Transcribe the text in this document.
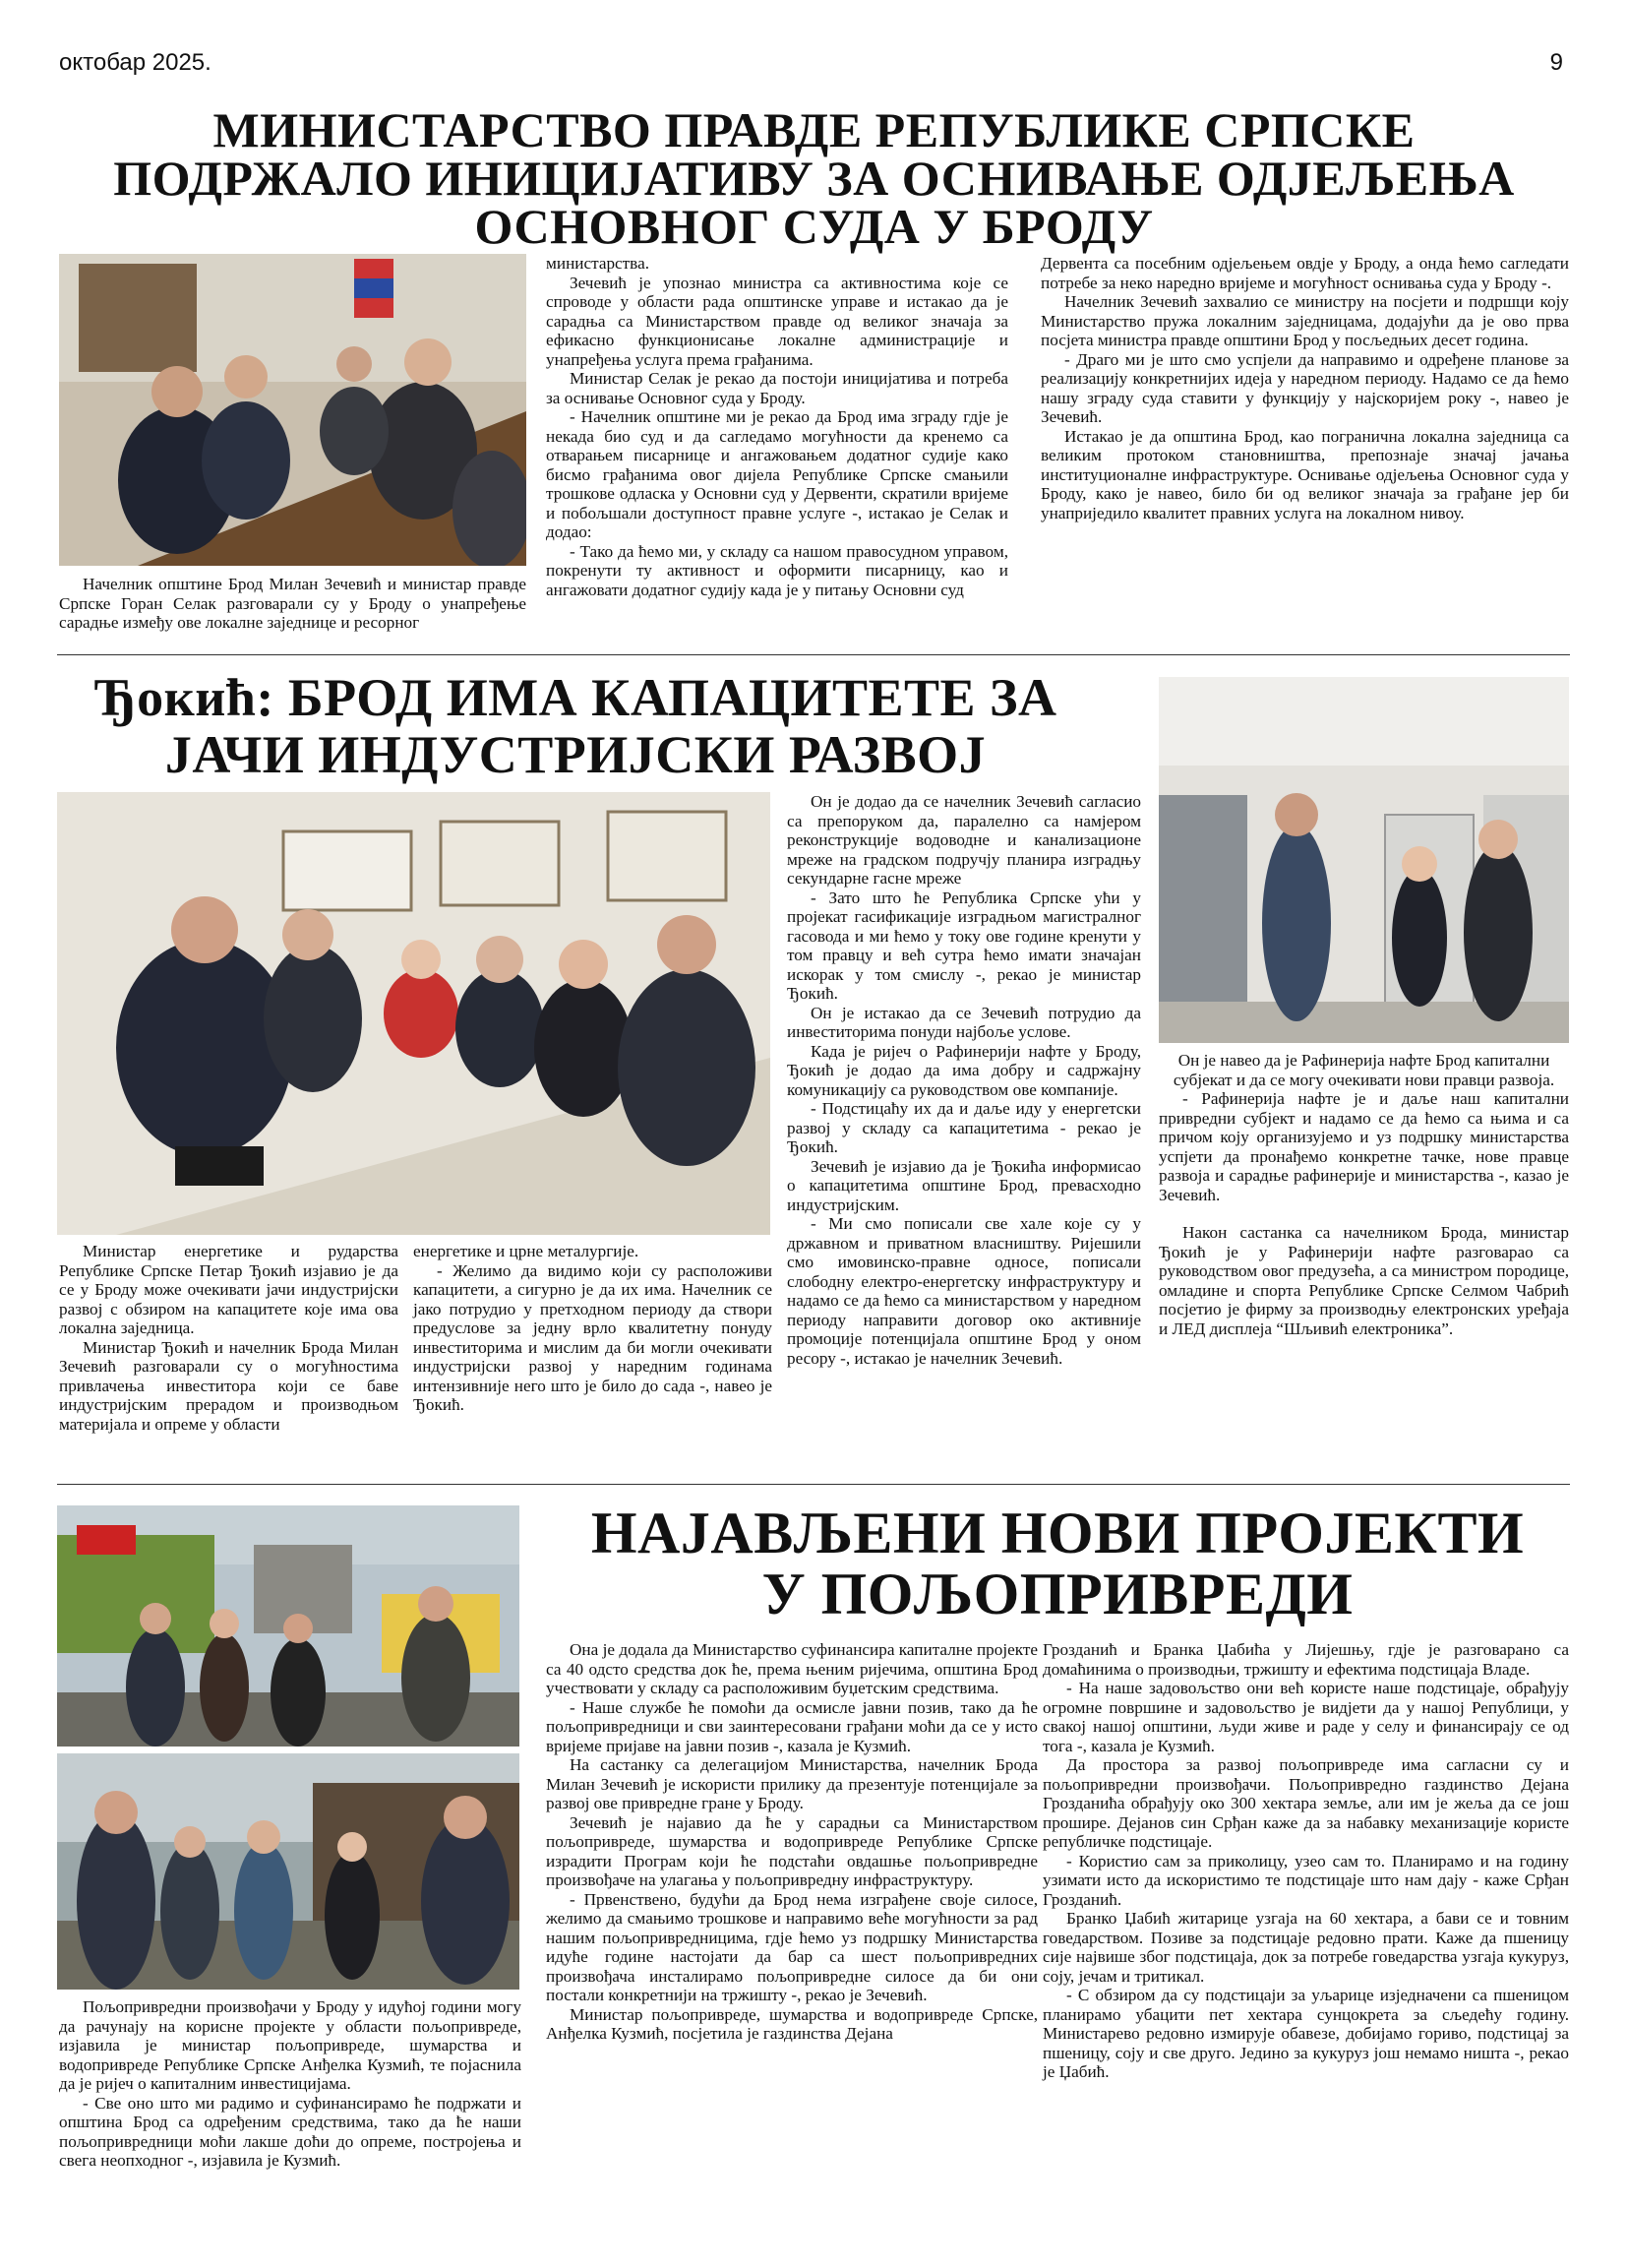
октобар 2025.	9
МИНИСТАРСТВО ПРАВДЕ РЕПУБЛИКЕ СРПСКЕ
ПОДРЖАЛО ИНИЦИЈАТИВУ ЗА ОСНИВАЊЕ ОДЈЕЉЕЊА
ОСНОВНОГ СУДА У БРОДУ

Начелник општине Брод Милан Зечевић и министар правде Српске Горан Селак разговарали су у Броду о унапређење сарадње између ове локалне заједнице и ресорног

министарства.

Зечевић је упознао министра са активностима које се спроводе у области рада општинске управе и истакао да је сарадња са Министарством правде од великог значаја за ефикасно функционисање локалне администрације и унапређења услуга према грађанима.

Министар Селак је рекао да постоји иницијатива и потреба за оснивање Основног суда у Броду.

- Начелник општине ми је рекао да Брод има зграду гдје је некада био суд и да сагледамо могућности да кренемо са отварањем писарнице и ангажовањем додатног судије како бисмо грађанима овог дијела Републике Српске смањили трошкове одласка у Основни суд у Дервенти, скратили вријеме и побољшали доступност правне услуге -, истакао је Селак и додао:

- Тако да ћемо ми, у складу са нашом правосудном управом, покренути ту активност и оформити писарницу, као и ангажовати додатног судију када је у питању Основни суд

Дервента са посебним одјељењем овдје у Броду, а онда ћемо сагледати потребе за неко наредно вријеме и могућност оснивања суда у Броду -.

Начелник Зечевић захвалио се министру на посјети и подршци коју Министарство пружа локалним заједницама, додајући да је ово прва посјета министра правде општини Брод у посљедњих десет година.

- Драго ми је што смо успјели да направимо и одређене планове за реализацију конкретнијих идеја у наредном периоду. Надамо се да ћемо нашу зграду суда ставити у функцију у најскоријем року -, навео је Зечевић.

Истакао је да општина Брод, као погранична локална заједница са великим протоком становништва, препознаје значај јачања институционалне инфраструктуре. Оснивање одјељења Основног суда у Броду, како је навео, било би од великог значаја за грађане јер би унаприједило квалитет правних услуга на локалном нивоу.

Ђокић: БРОД ИМА КАПАЦИТЕТЕ ЗА
ЈАЧИ ИНДУСТРИЈСКИ РАЗВОЈ

Министар енергетике и рударства Републике Српске Петар Ђокић изјавио је да се у Броду може очекивати јачи индустријски развој с обзиром на капацитете које има ова локална заједница.

Министар Ђокић и начелник Брода Милан Зечевић разговарали су о могућностима привлачења инвеститора који се баве индустријским прерадом и производњом материјала и опреме у области

енергетике и црне металургије.

- Желимо да видимо који су расположиви капацитети, а сигурно је да их има. Начелник се јако потрудио у претходном периоду да створи предуслове за једну врло квалитетну понуду инвеститорима и мислим да би могли очекивати индустријски развој у наредним годинама интензивније него што је било до сада -, навео је Ђокић.

Он је додао да се начелник Зечевић сагласио са препоруком да, паралелно са намјером реконструкције водоводне и канализационе мреже на градском подручју планира изградњу секундарне гасне мреже

- Зато што ће Република Српске ући у пројекат гасификације изградњом магистралног гасовода и ми ћемо у току ове године кренути у том правцу и већ сутра ћемо имати значајан искорак у том смислу -, рекао је министар Ђокић.

Он је истакао да се Зечевић потрудио да инвеститорима понуди најбоље услове.

Када је ријеч о Рафинерији нафте у Броду, Ђокић је додао да има добру и садржајну комуникацију са руководством ове компаније.

- Подстицаћу их да и даље иду у енергетски развој у складу са капацитетима - рекао је Ђокић.

Зечевић је изјавио да је Ђокића информисао о капацитетима општине Брод, превасходно индустријским.

- Ми смо пописали све хале које су у државном и приватном власништву. Ријешили смо имовинско-правне односе, пописали слободну електро-енергетску инфраструктуру и надамо се да ћемо са министарством у наредном периоду направити договор око активније промоције потенцијала општине Брод у оном ресору -, истакао је начелник Зечевић.

Он је навео да је Рафинерија нафте Брод капитални субјекат и да се могу очекивати нови правци развоја.

- Рафинерија нафте је и даље наш капитални привредни субјект и надамо се да ћемо са њима и са причом коју организујемо и уз подршку министарства успјети да пронађемо конкретне тачке, нове правце развоја и сарадње рафинерије и министарства -, казао је Зечевић.

Након састанка са начелником Брода, министар Ђокић је у Рафинерији нафте разговарао са руководством овог предузећа, а са министром породице, омладине и спорта Републике Српске Селмом Чабрић посјетио је фирму за производњу електронских уређаја и ЛЕД дисплеја “Шљивић електроника”.

Пољопривредни произвођачи у Броду у идућој години могу да рачунају на корисне пројекте у области пољопривреде, изјавила је министар пољопривреде, шумарства и водопривреде Републике Српске Анђелка Кузмић, те појаснила да је ријеч о капиталним инвестицијама.

- Све оно што ми радимо и суфинансирамо ће подржати и општина Брод са одређеним средствима, тако да ће наши пољопривредници моћи лакше доћи до опреме, постројења и свега неопходног -, изјавила је Кузмић.

НАЈАВЉЕНИ НОВИ ПРОЈЕКТИ
У ПОЉОПРИВРЕДИ

Она је додала да Министарство суфинансира капиталне пројекте са 40 одсто средства док ће, према њеним ријечима, општина Брод учествовати у складу са расположивим буџетским средствима.

- Наше службе ће помоћи да осмисле јавни позив, тако да ће пољопривредници и сви заинтересовани грађани моћи да се у исто вријеме пријаве на јавни позив -, казала је Кузмић.

На састанку са делегацијом Министарства, начелник Брода Милан Зечевић је искористи прилику да презентује потенцијале за развој ове привредне гране у Броду.

Зечевић је најавио да ће у сарадњи са Министарством пољопривреде, шумарства и водопривреде Републике Српске израдити Програм који ће подстаћи овдашње пољопривредне произвођаче на улагања у пољопривредну инфраструктуру.

- Првенствено, будући да Брод нема изграђене своје силосе, желимо да смањимо трошкове и направимо веће могућности за рад нашим пољопривредницима, гдје ћемо уз подршку Министарства идуће године настојати да бар са шест пољопривредних произвођача инсталирамо пољопривредне силосе да би они постали конкретнији на тржишту -, рекао је Зечевић.

Министар пољопривреде, шумарства и водопривреде Српске, Анђелка Кузмић, посјетила је газдинства Дејана

Грозданић и Бранка Џабића у Лијешњу, гдје је разговарано са домаћинима о производњи, тржишту и ефектима подстицаја Владе.

- На наше задовољство они већ користе наше подстицаје, обрађују огромне површине и задовољство је видјети да у нашој Републици, у свакој нашој општини, људи живе и раде у селу и финансирају се од тога -, казала је Кузмић.

Да простора за развој пољопривреде има сагласни су и пољопривредни произвођачи. Пољопривредно газдинство Дејана Грозданића обрађују око 300 хектара земље, али им је жеља да се још прошире. Дејанов син Срђан каже да за набавку механизације користе републичке подстицаје.

- Користио сам за приколицу, узео сам то. Планирамо и на годину узимати исто да искористимо те подстицаје што нам дају - каже Срђан Грозданић.

Бранко Џабић житарице узгаја на 60 хектара, а бави се и товним говедарством. Позиве за подстицаје редовно прати. Каже да пшеницу сије највише због подстицаја, док за потребе говедарства узгаја кукуруз, соју, јечам и тритикал.

- С обзиром да су подстицаји за уљарице изједначени са пшеницом планирамо убацити пет хектара сунцокрета за сљедећу годину. Министарево редовно измирује обавезе, добијамо гориво, подстицај за пшеницу, соју и све друго. Једино за кукуруз још немамо ништа -, рекао је Џабић.
